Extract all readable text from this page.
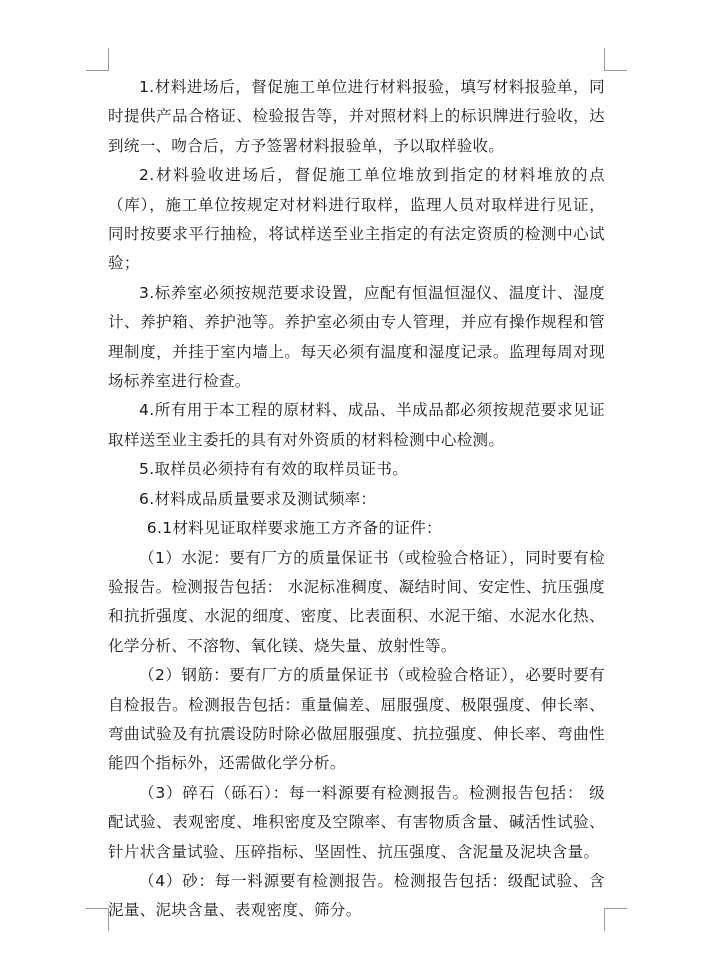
1.材料进场后，督促施工单位进行材料报验，填写材料报验单，同时提供产品合格证、检验报告等，并对照材料上的标识牌进行验收，达到统一、吻合后，方予签署材料报验单，予以取样验收。

2.材料验收进场后，督促施工单位堆放到指定的材料堆放的点（库），施工单位按规定对材料进行取样，监理人员对取样进行见证，同时按要求平行抽检，将试样送至业主指定的有法定资质的检测中心试验；

3.标养室必须按规范要求设置，应配有恒温恒湿仪、温度计、湿度计、养护箱、养护池等。养护室必须由专人管理，并应有操作规程和管理制度，并挂于室内墙上。每天必须有温度和湿度记录。监理每周对现场标养室进行检查。

4.所有用于本工程的原材料、成品、半成品都必须按规范要求见证取样送至业主委托的具有对外资质的材料检测中心检测。

5.取样员必须持有有效的取样员证书。

6.材料成品质量要求及测试频率：

6.1材料见证取样要求施工方齐备的证件：

（1）水泥：要有厂方的质量保证书（或检验合格证），同时要有检验报告。检测报告包括： 水泥标准稠度、凝结时间、安定性、抗压强度和抗折强度、水泥的细度、密度、比表面积、水泥干缩、水泥水化热、化学分析、不溶物、氧化镁、烧失量、放射性等。

（2）钢筋：要有厂方的质量保证书（或检验合格证），必要时要有自检报告。检测报告包括：重量偏差、屈服强度、极限强度、伸长率、弯曲试验及有抗震设防时除必做屈服强度、抗拉强度、伸长率、弯曲性能四个指标外，还需做化学分析。

（3）碎石（砾石）：每一料源要有检测报告。检测报告包括： 级配试验、表观密度、堆积密度及空隙率、有害物质含量、碱活性试验、针片状含量试验、压碎指标、坚固性、抗压强度、含泥量及泥块含量。

（4）砂：每一料源要有检测报告。检测报告包括：级配试验、含泥量、泥块含量、表观密度、筛分。
